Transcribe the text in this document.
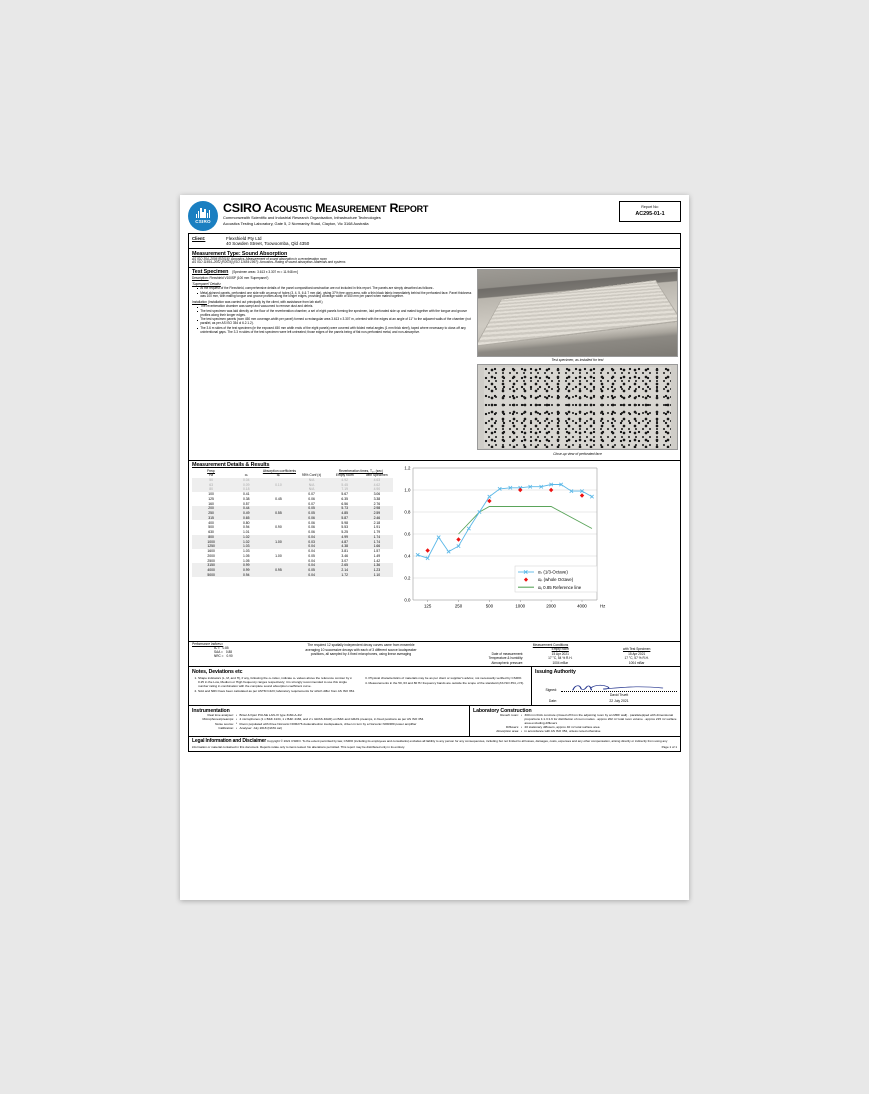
CSIRO
CSIRO Acoustic Measurement Report
Commonwealth Scientific and Industrial Research Organisation, Infrastructure Technologies
Acoustics Testing Laboratory, Gate 5, 2 Normanby Road, Clayton, Vic 3168 Australia
Report No:
AC295-01-1
Client:	Flexshield Pty Ltd
40 Sowden Street, Toowoomba, Qld 4350
Measurement Type: Sound Absorption
AS ISO 354–2006 [R2016]: Acoustics–Measurement of sound absorption in a reverberation room
AS ISO 11654–2002 [R2016] (ISO 11654:1997): Acoustics–Rating of sound absorption–Materials and systems
Test Specimen [Specimen area¹: 3.613 x 3.307 m = 11.948 m²]
Description: Flexshield V100SP (100 mm 'Superpanel')
'Superpanel' Details³
At the request of the Flexshield, comprehensive details of the panel composition/construction are not included in this report. The panels are simply described as follows:-
Metal-skinned panels, perforated one side with an array of holes (3, 4, 5, 6 & 7 mm dia), giving 37% free open area, with a thin black fabric immediately behind the perforated face. Panel thickness was 100 mm, with mating tongue and groove profiles along the longer edges, providing coverage width of 450 mm per panel when mated together.
Installation (Installation was carried out principally by the client, with assistance from lab staff.)
The reverberation chamber was swept and vacuumed to remove dust and debris.
The test specimen was laid directly on the floor of the reverberation chamber, a set of eight panels forming the specimen, laid perforated side up and mated together with the tongue and groove profiles along their longer edges.
The test specimen panels (nom 450 mm coverage-width per panel) formed a rectangular area 3.613 x 3.307 m, oriented with the edges at an angle of 11° to the adjacent walls of the chamber (not parallel, as per AS ISO 354 cl 6.2.1.2).
The 3.6 m sides of the test specimen (ie the exposed 450 mm width ends of the eight panels) were covered with folded metal angles (1 mm thick steel), taped where necessary to close-off any unintentional gaps. The 3.3 m sides of the test specimen were left untreated; those edges of the panels being of flat non-perforated metal, and non-absorptive.
Test specimen, as installed for test
Close-up view of perforated face
Measurement Details & Results
Freq¹	Absorption coefficients			Reverberation times, T₂₀ (sec)	
Hz	αₛ	αₚ	95% Conf (±)	Empty room	with Specimen
50	0.04		N/A	4.92	4.63
63	0.09	0.10	N/A	5.45	4.62
80	0.18		N/A	7.19	4.90
100	0.41		0.07	5.67	3.06
125	0.38	0.45	0.06	6.35	3.38
160	0.57		0.07	6.56	2.76
200	0.44		0.05	5.73	2.98
250	0.49	0.55	0.05	4.85	2.59
315	0.65		0.06	5.87	2.46
400	0.80		0.06	5.98	2.18
500	0.94	0.90	0.06	5.53	1.91
630	1.01		0.06	5.25	1.79
800	1.02		0.04	4.99	1.74
1000	1.02	1.00	0.03	4.87	1.74
1250	1.03		0.04	4.38	1.66
1600	1.03		0.04	3.81	1.57
2000	1.05	1.00	0.05	3.46	1.49
2500	1.05		0.04	3.07	1.42
3150	0.99		0.04	2.65	1.36
4000	0.99	0.95	0.05	2.14	1.23
5000	0.94		0.04	1.72	1.10
0.0
0.2
0.4
0.6
0.8
1.0
1.2
125	250	500	1000	2000	4000	Hz
αₛ (1/3-Octave)
αₚ (whole Octave)
αᵥ 0.85 Reference line
Performance Indices¹²
αᵥ = 0.85
SAA = 0.88
NRC = 0.90
The required 12 spatially independent decay curves came from ensemble averaging 10 successive decays with each of 3 different source loudspeaker positions, all sampled by 4 fixed microphones, using linear averaging
Measurement Conditions
	Empty room	with Test Specimen
Date of measurement:	15 Apr 2021	15 Apr 2021
Temperature & humidity:	17 °C, 54 % R.H.	17 °C, 57 % R.H.
Atmospheric pressure:	1004 mBar	1004 mBar
Notes, Deviations etc
1. Shape indicators (L, M, and H), if any, following the αᵥ index, indicate αₛ values above the reference contour by ≥ 0.25 in the Low, Medium or High frequency ranges respectively; it is strongly recommended to use this single number rating in combination with the complete sound absorption coefficient curve.
2. SAA and NRC have been calculated as per ASTM C423; laboratory requirements for which differ from AS ISO 354.
3. Physical characteristics of materials may be as per client or supplier's advice; not necessarily verified by CSIRO.
4. Measurements in the 50, 63 and 80 Hz frequency bands are outside the scope of the standard (AS ISO 354, cl 5).
Issuing Authority
Signed:
David Truett
Date:	22 July 2021
Instrumentation
Real time analyser:	• Brüel & Kjær PULSE LAN-XI type 3160-A-4/2
Microphones/preamps:	• 4 microphones (1 x B&K 4134, 1 x B&K 4166, and 2 x GRAS 40AR) on B&K and GRAS preamps, in fixed positions as per AS ISO 354
Noise source:	• Room populated with three Norsonic NOR276 dodecahedron loudspeakers, driven in turn by a Norsonic NOR280 power amplifier
Calibration:	• Analyser: July 2018 (NATA cal)
Laboratory Construction
Reverb room:	• 300 mm thick concrete (closed off from the adjoining room by an MDF wall) · parallelepiped with dimensional proportions 1:1.3:1.6 for distribution of room modes · approx 202 m³ total room volume · approx 215 m² surface area excluding diffusers
Diffusers:	• 20 stationary diffusers, approx 40 m² total surface area
Absorption area:	• in accordance with AS ISO 354, unless noted otherwise
Legal Information and Disclaimer Copyright © 2021 CSIRO. To the extent permitted by law, CSIRO (including its employees and consultants) excludes all liability to any person for any consequences, including but not limited to all losses, damages, costs, expenses and any other compensation, arising directly or indirectly from using any information or material contained in this document. Reports relate only to items tested. No alterations permitted. This report may be distributed only in its entirety.	Page 1 of 1
